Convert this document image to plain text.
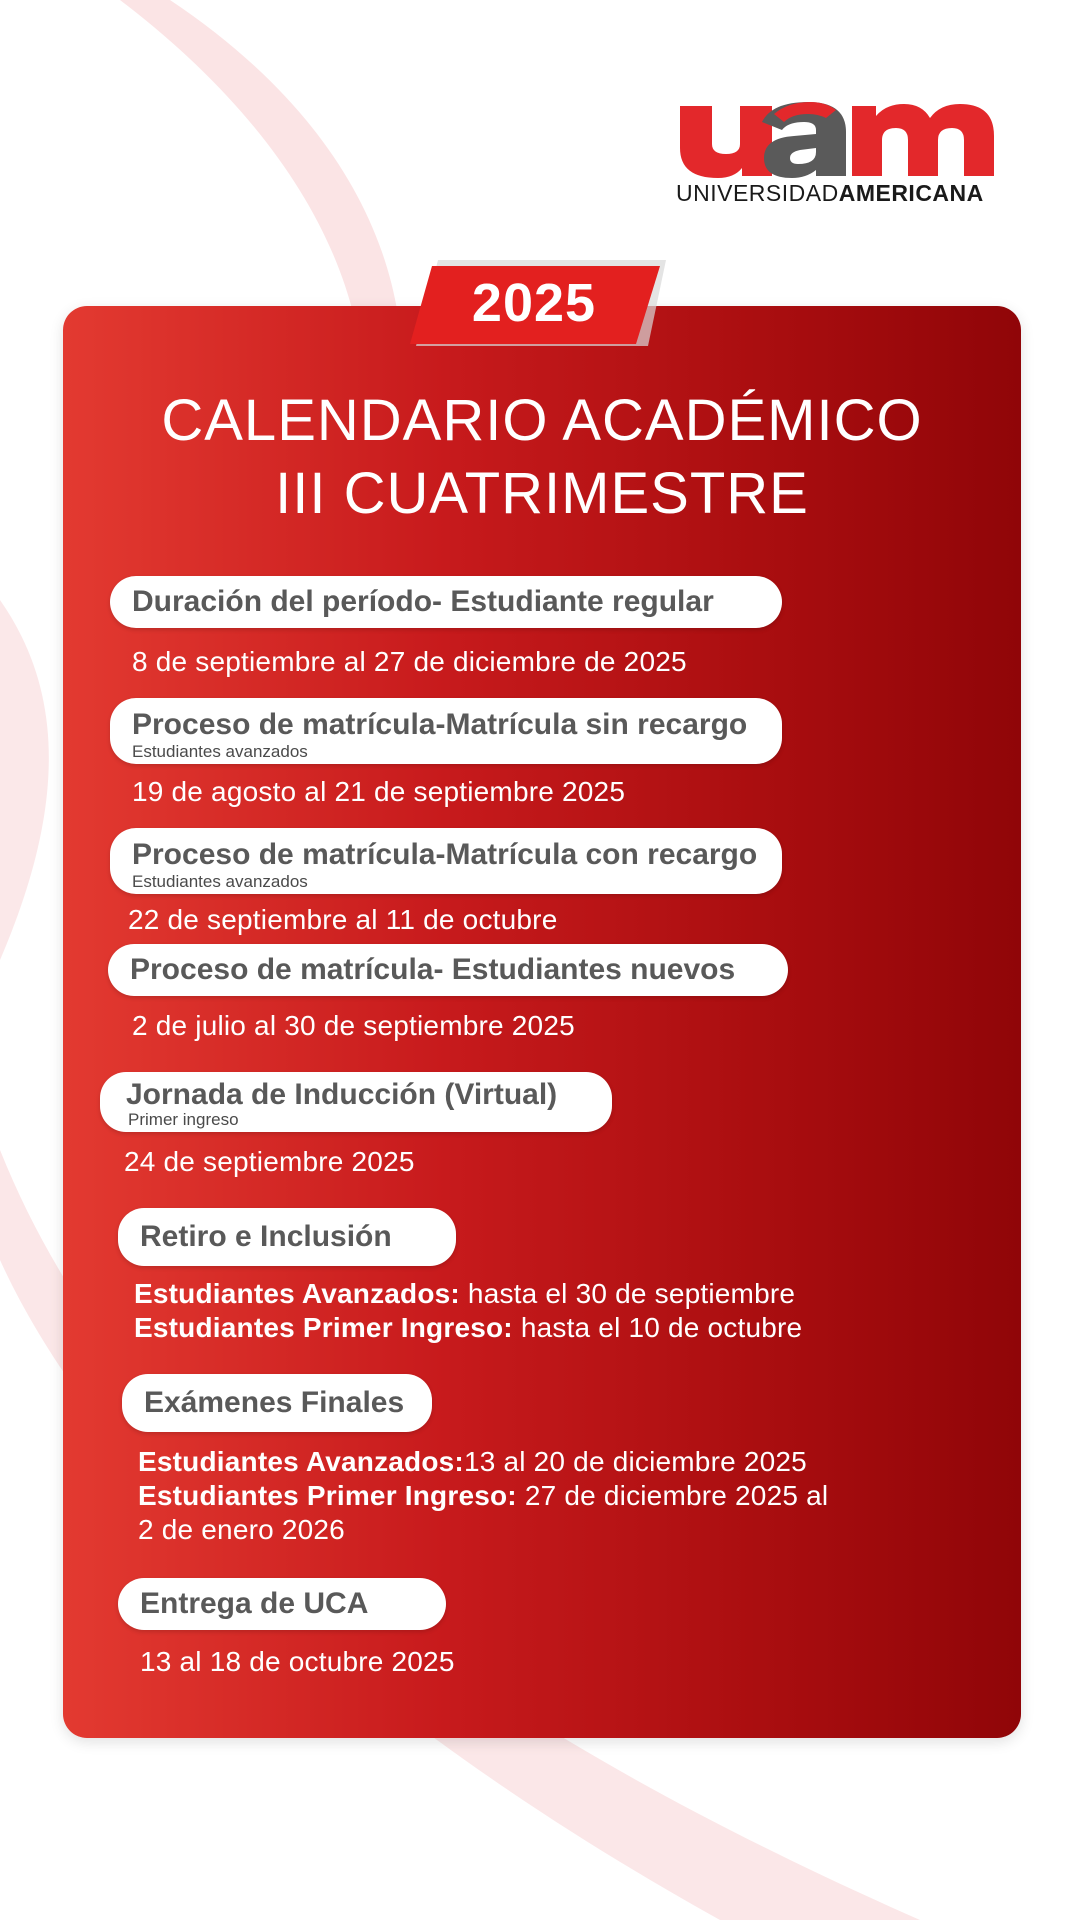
UNIVERSIDADAMERICANA
2025
CALENDARIO ACADÉMICO
III CUATRIMESTRE
Duración del período- Estudiante regular
8 de septiembre al 27 de diciembre de 2025
Proceso de matrícula-Matrícula sin recargo
Estudiantes avanzados
19 de agosto al 21 de septiembre 2025
Proceso de matrícula-Matrícula con recargo
Estudiantes avanzados
22 de septiembre al 11 de octubre
Proceso de matrícula- Estudiantes nuevos
2 de julio al 30 de septiembre 2025
Jornada de Inducción (Virtual)
Primer ingreso
24 de septiembre 2025
Retiro e Inclusión
Estudiantes Avanzados: hasta el 30 de septiembre
Estudiantes Primer Ingreso: hasta el 10 de octubre
Exámenes Finales
Estudiantes Avanzados:13 al 20 de diciembre 2025
Estudiantes Primer Ingreso: 27 de diciembre 2025 al
2 de enero 2026
Entrega de UCA
13 al 18 de octubre 2025
